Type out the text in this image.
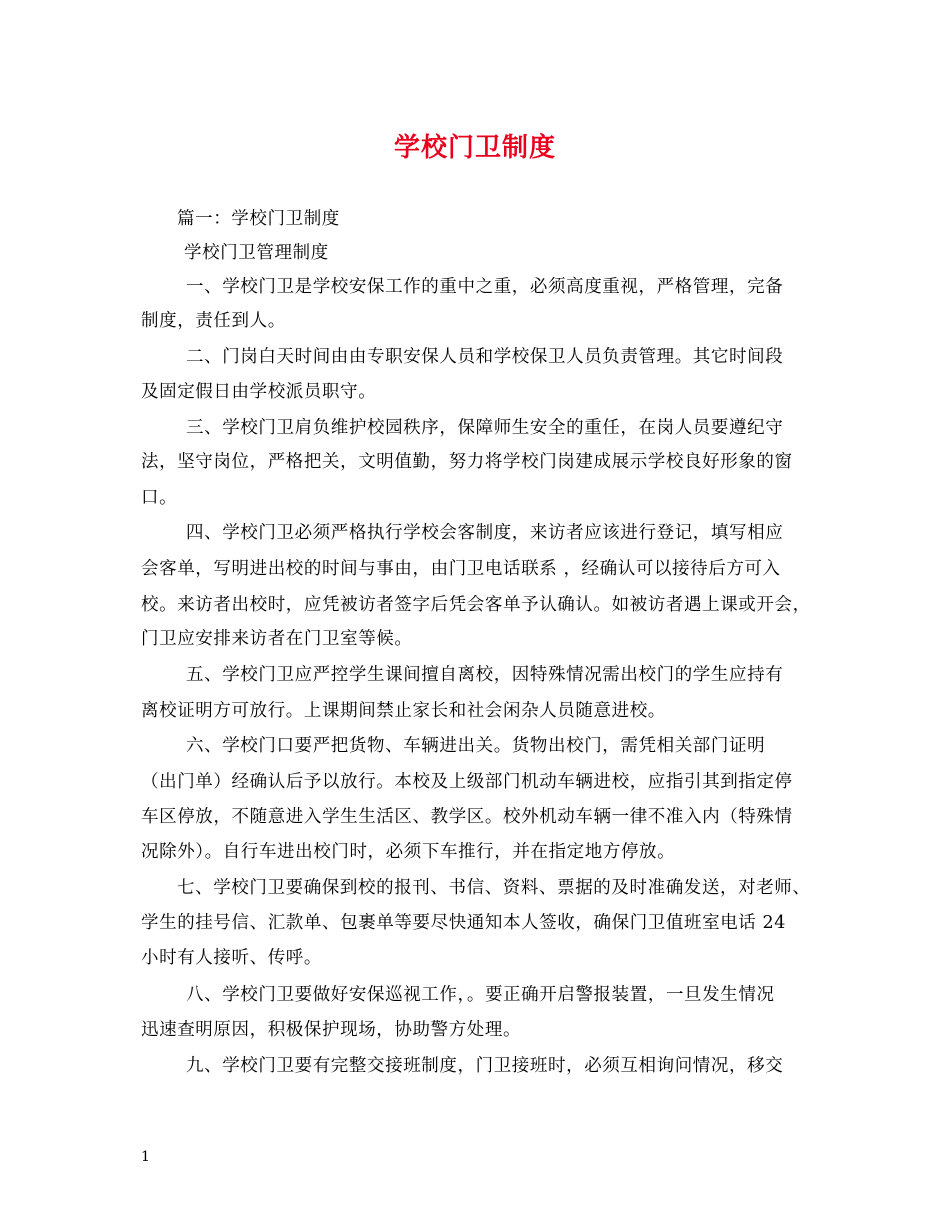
学校门卫制度
篇一：学校门卫制度
学校门卫管理制度
一、学校门卫是学校安保工作的重中之重，必须高度重视，严格管理，完备
制度，责任到人。
二、门岗白天时间由由专职安保人员和学校保卫人员负责管理。其它时间段
及固定假日由学校派员职守。
三、学校门卫肩负维护校园秩序，保障师生安全的重任，在岗人员要遵纪守
法，坚守岗位，严格把关，文明值勤，努力将学校门岗建成展示学校良好形象的窗
口。
四、学校门卫必须严格执行学校会客制度，来访者应该进行登记，填写相应
会客单，写明进出校的时间与事由，由门卫电话联系 ，经确认可以接待后方可入
校。来访者出校时，应凭被访者签字后凭会客单予认确认。如被访者遇上课或开会，
门卫应安排来访者在门卫室等候。
五、学校门卫应严控学生课间擅自离校，因特殊情况需出校门的学生应持有
离校证明方可放行。上课期间禁止家长和社会闲杂人员随意进校。
六、学校门口要严把货物、车辆进出关。货物出校门，需凭相关部门证明
（出门单）经确认后予以放行。本校及上级部门机动车辆进校，应指引其到指定停
车区停放，不随意进入学生生活区、教学区。校外机动车辆一律不准入内（特殊情
况除外）。自行车进出校门时，必须下车推行，并在指定地方停放。
七、学校门卫要确保到校的报刊、书信、资料、票据的及时准确发送，对老师、
学生的挂号信、汇款单、包裹单等要尽快通知本人签收，确保门卫值班室电话 24
小时有人接听、传呼。
八、学校门卫要做好安保巡视工作，。要正确开启警报装置，一旦发生情况
迅速查明原因，积极保护现场，协助警方处理。
九、学校门卫要有完整交接班制度，门卫接班时，必须互相询问情况，移交
1
